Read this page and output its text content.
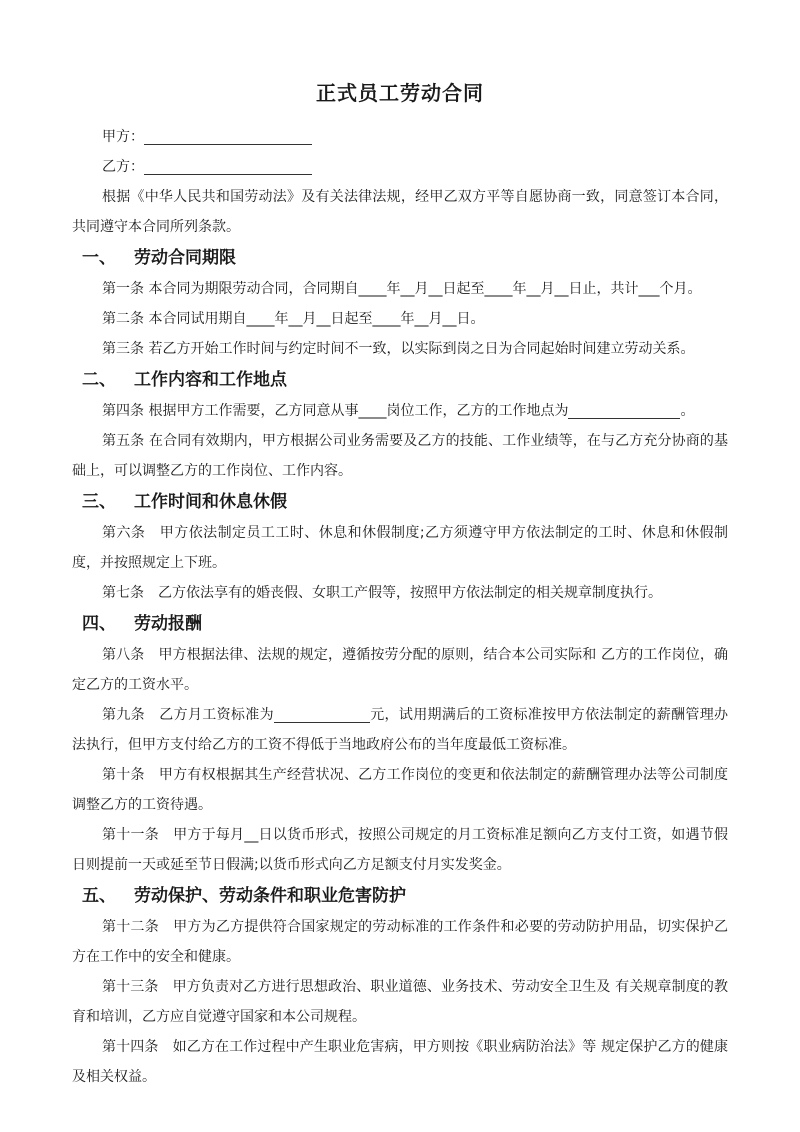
正式员工劳动合同
甲方：
乙方：

根据《中华人民共和国劳动法》及有关法律法规，经甲乙双方平等自愿协商一致，同意签订本合同，共同遵守本合同所列条款。

一、 劳动合同期限

第一条 本合同为期限劳动合同，合同期自____年__月__日起至____年__月__日止，共计___个月。

第二条 本合同试用期自____年__月__日起至____年__月__日。

第三条 若乙方开始工作时间与约定时间不一致，以实际到岗之日为合同起始时间建立劳动关系。

二、 工作内容和工作地点

第四条 根据甲方工作需要，乙方同意从事____岗位工作，乙方的工作地点为	。

第五条 在合同有效期内，甲方根据公司业务需要及乙方的技能、工作业绩等，在与乙方充分协商的基础上，可以调整乙方的工作岗位、工作内容。

三、 工作时间和休息休假

第六条　甲方依法制定员工工时、休息和休假制度;乙方须遵守甲方依法制定的工时、休息和休假制度，并按照规定上下班。

第七条　乙方依法享有的婚丧假、女职工产假等，按照甲方依法制定的相关规章制度执行。

四、 劳动报酬

第八条　甲方根据法律、法规的规定，遵循按劳分配的原则，结合本公司实际和 乙方的工作岗位，确定乙方的工资水平。

第九条　乙方月工资标准为	元，试用期满后的工资标准按甲方依法制定的薪酬管理办法执行，但甲方支付给乙方的工资不得低于当地政府公布的当年度最低工资标准。

第十条　甲方有权根据其生产经营状况、乙方工作岗位的变更和依法制定的薪酬管理办法等公司制度调整乙方的工资待遇。

第十一条　甲方于每月__日以货币形式，按照公司规定的月工资标准足额向乙方支付工资，如遇节假日则提前一天或延至节日假满;以货币形式向乙方足额支付月实发奖金。

五、 劳动保护、劳动条件和职业危害防护

第十二条　甲方为乙方提供符合国家规定的劳动标准的工作条件和必要的劳动防护用品，切实保护乙方在工作中的安全和健康。

第十三条　甲方负责对乙方进行思想政治、职业道德、业务技术、劳动安全卫生及 有关规章制度的教育和培训，乙方应自觉遵守国家和本公司规程。

第十四条　如乙方在工作过程中产生职业危害病，甲方则按《职业病防治法》等 规定保护乙方的健康及相关权益。
